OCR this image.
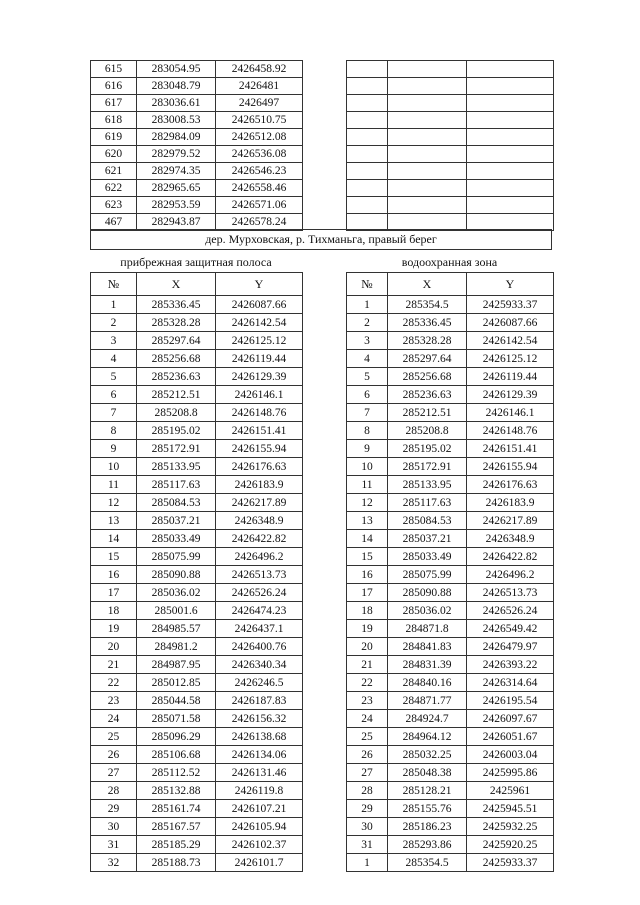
615	283054.95	2426458.92
616	283048.79	2426481
617	283036.61	2426497
618	283008.53	2426510.75
619	282984.09	2426512.08
620	282979.52	2426536.08
621	282974.35	2426546.23
622	282965.65	2426558.46
623	282953.59	2426571.06
467	282943.87	2426578.24

дер. Мурховская, р. Тихманьга, правый берег
прибрежная защитная полоса	водоохранная зона
№	X	Y
1	285336.45	2426087.66
2	285328.28	2426142.54
3	285297.64	2426125.12
4	285256.68	2426119.44
5	285236.63	2426129.39
6	285212.51	2426146.1
7	285208.8	2426148.76
8	285195.02	2426151.41
9	285172.91	2426155.94
10	285133.95	2426176.63
11	285117.63	2426183.9
12	285084.53	2426217.89
13	285037.21	2426348.9
14	285033.49	2426422.82
15	285075.99	2426496.2
16	285090.88	2426513.73
17	285036.02	2426526.24
18	285001.6	2426474.23
19	284985.57	2426437.1
20	284981.2	2426400.76
21	284987.95	2426340.34
22	285012.85	2426246.5
23	285044.58	2426187.83
24	285071.58	2426156.32
25	285096.29	2426138.68
26	285106.68	2426134.06
27	285112.52	2426131.46
28	285132.88	2426119.8
29	285161.74	2426107.21
30	285167.57	2426105.94
31	285185.29	2426102.37
32	285188.73	2426101.7
№	X	Y
1	285354.5	2425933.37
2	285336.45	2426087.66
3	285328.28	2426142.54
4	285297.64	2426125.12
5	285256.68	2426119.44
6	285236.63	2426129.39
7	285212.51	2426146.1
8	285208.8	2426148.76
9	285195.02	2426151.41
10	285172.91	2426155.94
11	285133.95	2426176.63
12	285117.63	2426183.9
13	285084.53	2426217.89
14	285037.21	2426348.9
15	285033.49	2426422.82
16	285075.99	2426496.2
17	285090.88	2426513.73
18	285036.02	2426526.24
19	284871.8	2426549.42
20	284841.83	2426479.97
21	284831.39	2426393.22
22	284840.16	2426314.64
23	284871.77	2426195.54
24	284924.7	2426097.67
25	284964.12	2426051.67
26	285032.25	2426003.04
27	285048.38	2425995.86
28	285128.21	2425961
29	285155.76	2425945.51
30	285186.23	2425932.25
31	285293.86	2425920.25
1	285354.5	2425933.37
